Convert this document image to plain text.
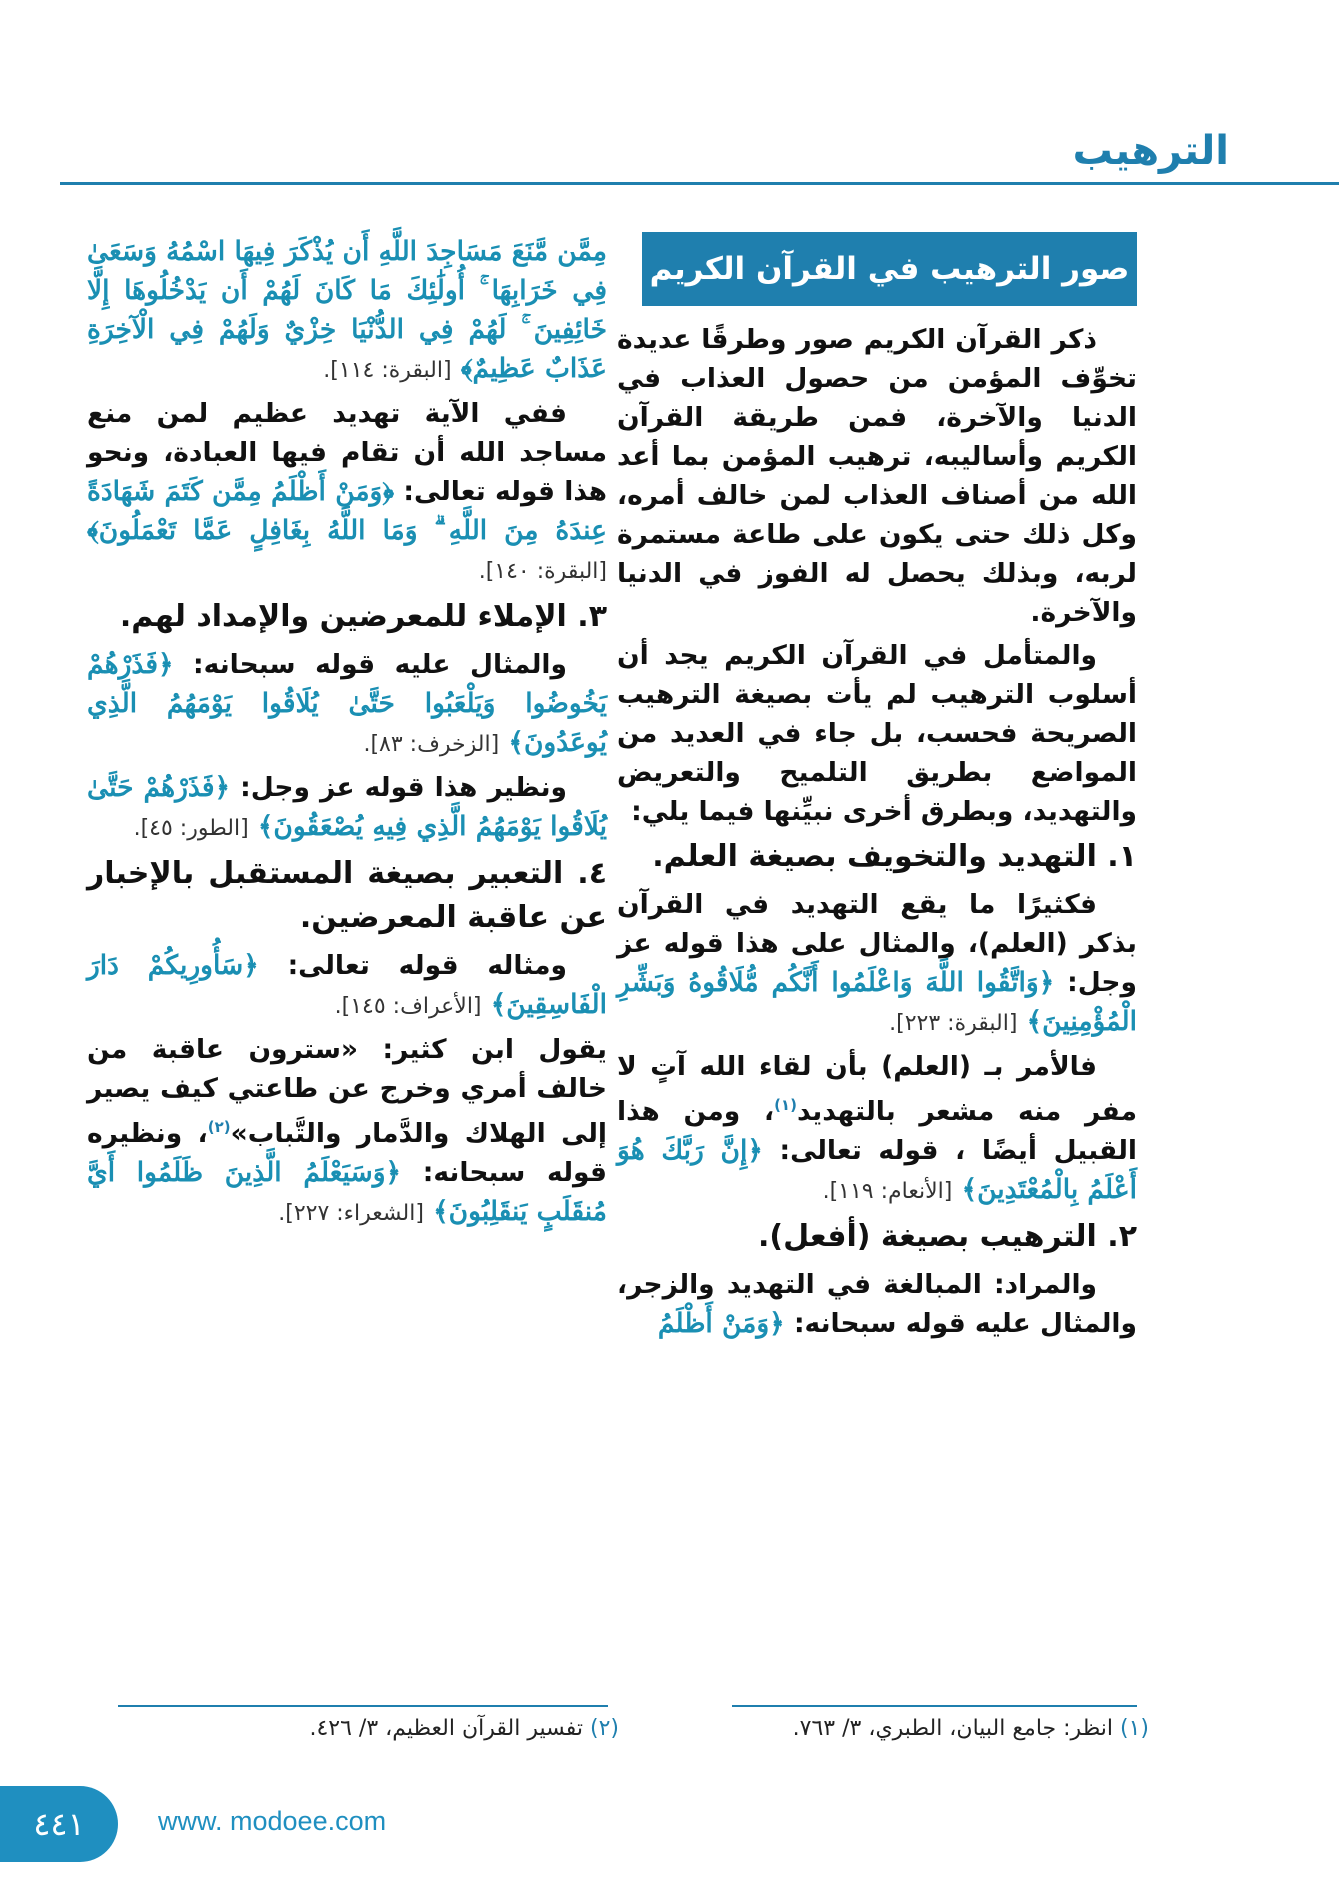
الترهيب
صور الترهيب في القرآن الكريم

ذكر القرآن الكريم صور وطرقًا عديدة تخوِّف المؤمن من حصول العذاب في الدنيا والآخرة، فمن طريقة القرآن الكريم وأساليبه، ترهيب المؤمن بما أعد الله من أصناف العذاب لمن خالف أمره، وكل ذلك حتى يكون على طاعة مستمرة لربه، وبذلك يحصل له الفوز في الدنيا والآخرة.

والمتأمل في القرآن الكريم يجد أن أسلوب الترهيب لم يأت بصيغة الترهيب الصريحة فحسب، بل جاء في العديد من المواضع بطريق التلميح والتعريض والتهديد، وبطرق أخرى نبيِّنها فيما يلي:

١. التهديد والتخويف بصيغة العلم.

فكثيرًا ما يقع التهديد في القرآن بذكر (العلم)، والمثال على هذا قوله عز وجل: ﴿وَاتَّقُوا اللَّهَ وَاعْلَمُوا أَنَّكُم مُّلَاقُوهُ وَبَشِّرِ الْمُؤْمِنِينَ﴾ [البقرة: ٢٢٣].

فالأمر بـ (العلم) بأن لقاء الله آتٍ لا مفر منه مشعر بالتهديد$^{(١)}$، ومن هذا القبيل أيضًا ، قوله تعالى: ﴿إِنَّ رَبَّكَ هُوَ أَعْلَمُ بِالْمُعْتَدِينَ﴾ [الأنعام: ١١٩].

٢. الترهيب بصيغة (أفعل).

والمراد: المبالغة في التهديد والزجر، والمثال عليه قوله سبحانه: ﴿وَمَنْ أَظْلَمُ

مِمَّن مَّنَعَ مَسَاجِدَ اللَّهِ أَن يُذْكَرَ فِيهَا اسْمُهُ وَسَعَىٰ فِي خَرَابِهَا ۚ أُولَٰئِكَ مَا كَانَ لَهُمْ أَن يَدْخُلُوهَا إِلَّا خَائِفِينَ ۚ لَهُمْ فِي الدُّنْيَا خِزْيٌ وَلَهُمْ فِي الْآخِرَةِ عَذَابٌ عَظِيمٌ﴾ [البقرة: ١١٤].

ففي الآية تهديد عظيم لمن منع مساجد الله أن تقام فيها العبادة، ونحو هذا قوله تعالى: ﴿وَمَنْ أَظْلَمُ مِمَّن كَتَمَ شَهَادَةً عِندَهُ مِنَ اللَّهِ ۗ وَمَا اللَّهُ بِغَافِلٍ عَمَّا تَعْمَلُونَ﴾ [البقرة: ١٤٠].

٣. الإملاء للمعرضين والإمداد لهم.

والمثال عليه قوله سبحانه: ﴿فَذَرْهُمْ يَخُوضُوا وَيَلْعَبُوا حَتَّىٰ يُلَاقُوا يَوْمَهُمُ الَّذِي يُوعَدُونَ﴾ [الزخرف: ٨٣].

ونظير هذا قوله عز وجل: ﴿فَذَرْهُمْ حَتَّىٰ يُلَاقُوا يَوْمَهُمُ الَّذِي فِيهِ يُصْعَقُونَ﴾ [الطور: ٤٥].

٤. التعبير بصيغة المستقبل بالإخبار عن عاقبة المعرضين.

ومثاله قوله تعالى: ﴿سَأُورِيكُمْ دَارَ الْفَاسِقِينَ﴾ [الأعراف: ١٤٥].

يقول ابن كثير: «سترون عاقبة من خالف أمري وخرج عن طاعتي كيف يصير إلى الهلاك والدَّمار والتَّباب»$^{(٢)}$، ونظيره قوله سبحانه: ﴿وَسَيَعْلَمُ الَّذِينَ ظَلَمُوا أَيَّ مُنقَلَبٍ يَنقَلِبُونَ﴾ [الشعراء: ٢٢٧].

(١) انظر: جامع البيان، الطبري، ٣/ ٧٦٣.
(٢) تفسير القرآن العظيم، ٣/ ٤٢٦.
٤٤١	www. modoee.com
